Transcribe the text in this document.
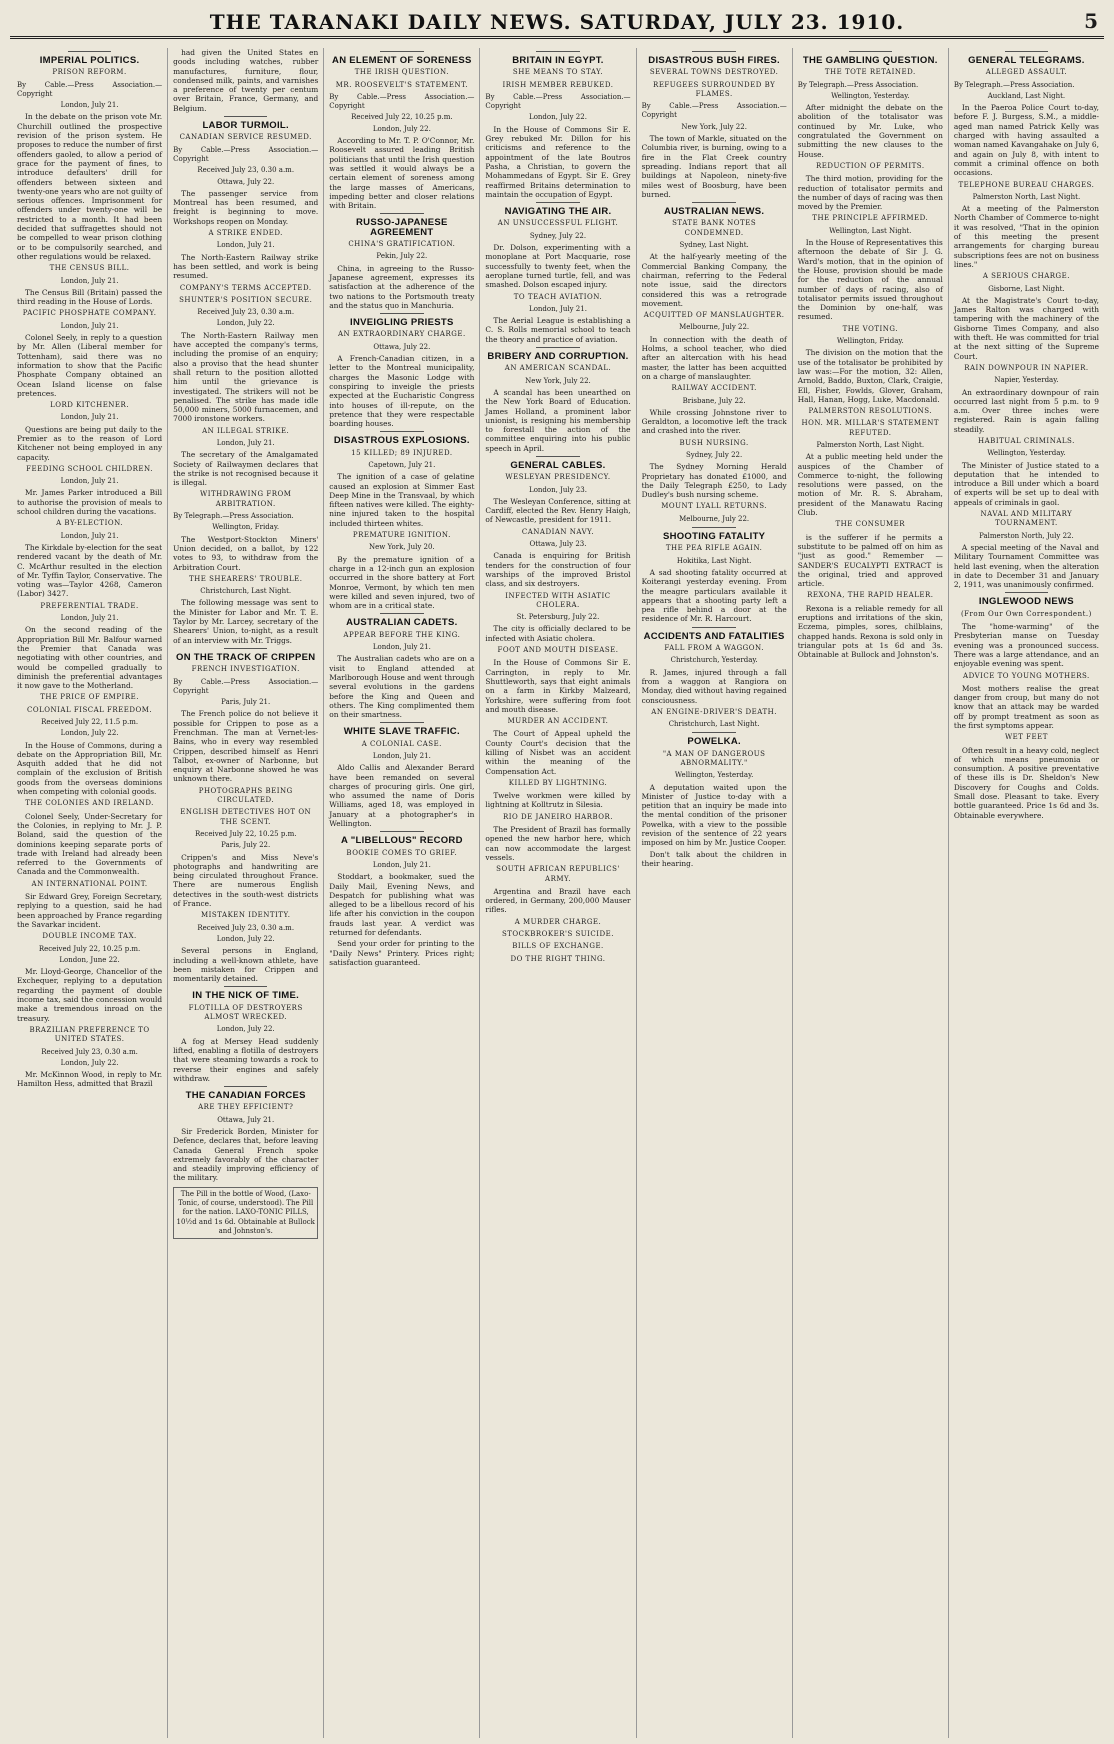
THE TARANAKI DAILY NEWS. SATURDAY, JULY 23. 1910.	5
IMPERIAL POLITICS.
PRISON REFORM.
By Cable.—Press Association.—Copyright
London, July 21.

In the debate on the prison vote Mr. Churchill outlined the prospective revision of the prison system. He proposes to reduce the number of first offenders gaoled, to allow a period of grace for the payment of fines, to introduce defaulters' drill for offenders between sixteen and twenty-one years who are not guilty of serious offences. Imprisonment for offenders under twenty-one will be restricted to a month. It had been decided that suffragettes should not be compelled to wear prison clothing or to be compulsorily searched, and other regulations would be relaxed.

THE CENSUS BILL.
London, July 21.

The Census Bill (Britain) passed the third reading in the House of Lords.

PACIFIC PHOSPHATE COMPANY.
London, July 21.

Colonel Seely, in reply to a question by Mr. Allen (Liberal member for Tottenham), said there was no information to show that the Pacific Phosphate Company obtained an Ocean Island license on false pretences.

LORD KITCHENER.
London, July 21.

Questions are being put daily to the Premier as to the reason of Lord Kitchener not being employed in any capacity.

FEEDING SCHOOL CHILDREN.
London, July 21.

Mr. James Parker introduced a Bill to authorise the provision of meals to school children during the vacations.

A BY-ELECTION.
London, July 21.

The Kirkdale by-election for the seat rendered vacant by the death of Mr. C. McArthur resulted in the election of Mr. Tyffin Taylor, Conservative. The voting was—Taylor 4268, Cameron (Labor) 3427.

PREFERENTIAL TRADE.
London, July 21.

On the second reading of the Appropriation Bill Mr. Balfour warned the Premier that Canada was negotiating with other countries, and would be compelled gradually to diminish the preferential advantages it now gave to the Motherland.

THE PRICE OF EMPIRE.
COLONIAL FISCAL FREEDOM.
Received July 22, 11.5 p.m.
London, July 22.

In the House of Commons, during a debate on the Appropriation Bill, Mr. Asquith added that he did not complain of the exclusion of British goods from the overseas dominions when competing with colonial goods.

THE COLONIES AND IRELAND.

Colonel Seely, Under-Secretary for the Colonies, in replying to Mr. J. P. Boland, said the question of the dominions keeping separate ports of trade with Ireland had already been referred to the Governments of Canada and the Commonwealth.

AN INTERNATIONAL POINT.

Sir Edward Grey, Foreign Secretary, replying to a question, said he had been approached by France regarding the Savarkar incident.

DOUBLE INCOME TAX.
Received July 22, 10.25 p.m.
London, June 22.

Mr. Lloyd-George, Chancellor of the Exchequer, replying to a deputation regarding the payment of double income tax, said the concession would make a tremendous inroad on the treasury.

BRAZILIAN PREFERENCE TO UNITED STATES.
Received July 23, 0.30 a.m.
London, July 22.

Mr. McKinnon Wood, in reply to Mr. Hamilton Hess, admitted that Brazil

had given the United States en goods including watches, rubber manufactures, furniture, flour, condensed milk, paints, and varnishes a preference of twenty per centum over Britain, France, Germany, and Belgium.

LABOR TURMOIL.
CANADIAN SERVICE RESUMED.
By Cable.—Press Association.—Copyright
Received July 23, 0.30 a.m.
Ottawa, July 22.

The passenger service from Montreal has been resumed, and freight is beginning to move. Workshops reopen on Monday.

A STRIKE ENDED.
London, July 21.

The North-Eastern Railway strike has been settled, and work is being resumed.

COMPANY'S TERMS ACCEPTED.
SHUNTER'S POSITION SECURE.
Received July 23, 0.30 a.m.
London, July 22.

The North-Eastern Railway men have accepted the company's terms, including the promise of an enquiry; also a proviso that the head shunter shall return to the position allotted him until the grievance is investigated. The strikers will not be penalised. The strike has made idle 50,000 miners, 5000 furnacemen, and 7000 ironstone workers.

AN ILLEGAL STRIKE.
London, July 21.

The secretary of the Amalgamated Society of Railwaymen declares that the strike is not recognised because it is illegal.

WITHDRAWING FROM ARBITRATION.
By Telegraph.—Press Association.
Wellington, Friday.

The Westport-Stockton Miners' Union decided, on a ballot, by 122 votes to 93, to withdraw from the Arbitration Court.

THE SHEARERS' TROUBLE.
Christchurch, Last Night.

The following message was sent to the Minister for Labor and Mr. T. E. Taylor by Mr. Larcey, secretary of the Shearers' Union, to-night, as a result of an interview with Mr. Triggs.

ON THE TRACK OF CRIPPEN
FRENCH INVESTIGATION.
By Cable.—Press Association.—Copyright
Paris, July 21.

The French police do not believe it possible for Crippen to pose as a Frenchman. The man at Vernet-les-Bains, who in every way resembled Crippen, described himself as Henri Talbot, ex-owner of Narbonne, but enquiry at Narbonne showed he was unknown there.

PHOTOGRAPHS BEING CIRCULATED.
ENGLISH DETECTIVES HOT ON THE SCENT.
Received July 22, 10.25 p.m.
Paris, July 22.

Crippen's and Miss Neve's photographs and handwriting are being circulated throughout France. There are numerous English detectives in the south-west districts of France.

MISTAKEN IDENTITY.
Received July 23, 0.30 a.m.
London, July 22.

Several persons in England, including a well-known athlete, have been mistaken for Crippen and momentarily detained.

IN THE NICK OF TIME.
FLOTILLA OF DESTROYERS ALMOST WRECKED.
London, July 22.

A fog at Mersey Head suddenly lifted, enabling a flotilla of destroyers that were steaming towards a rock to reverse their engines and safely withdraw.

THE CANADIAN FORCES
ARE THEY EFFICIENT?
Ottawa, July 21.

Sir Frederick Borden, Minister for Defence, declares that, before leaving Canada General French spoke extremely favorably of the character and steadily improving efficiency of the military.

The Pill in the bottle of Wood, (Laxo-Tonic, of course, understood). The Pill for the nation. LAXO-TONIC PILLS, 10½d and 1s 6d. Obtainable at Bullock and Johnston's.
AN ELEMENT OF SORENESS
THE IRISH QUESTION.
MR. ROOSEVELT'S STATEMENT.
By Cable.—Press Association.—Copyright
Received July 22, 10.25 p.m.
London, July 22.

According to Mr. T. P. O'Connor, Mr. Roosevelt assured leading British politicians that until the Irish question was settled it would always be a certain element of soreness among the large masses of Americans, impeding better and closer relations with Britain.

RUSSO-JAPANESE AGREEMENT
CHINA'S GRATIFICATION.
Pekin, July 22.

China, in agreeing to the Russo-Japanese agreement, expresses its satisfaction at the adherence of the two nations to the Portsmouth treaty and the status quo in Manchuria.

INVEIGLING PRIESTS
AN EXTRAORDINARY CHARGE.
Ottawa, July 22.

A French-Canadian citizen, in a letter to the Montreal municipality, charges the Masonic Lodge with conspiring to inveigle the priests expected at the Eucharistic Congress into houses of ill-repute, on the pretence that they were respectable boarding houses.

DISASTROUS EXPLOSIONS.
15 KILLED; 89 INJURED.
Capetown, July 21.

The ignition of a case of gelatine caused an explosion at Simmer East Deep Mine in the Transvaal, by which fifteen natives were killed. The eighty-nine injured taken to the hospital included thirteen whites.

PREMATURE IGNITION.
New York, July 20.

By the premature ignition of a charge in a 12-inch gun an explosion occurred in the shore battery at Fort Monroe, Vermont, by which ten men were killed and seven injured, two of whom are in a critical state.

AUSTRALIAN CADETS.
APPEAR BEFORE THE KING.
London, July 21.

The Australian cadets who are on a visit to England attended at Marlborough House and went through several evolutions in the gardens before the King and Queen and others. The King complimented them on their smartness.

WHITE SLAVE TRAFFIC.
A COLONIAL CASE.
London, July 21.

Aldo Callis and Alexander Berard have been remanded on several charges of procuring girls. One girl, who assumed the name of Doris Williams, aged 18, was employed in January at a photographer's in Wellington.

A "LIBELLOUS" RECORD
BOOKIE COMES TO GRIEF.
London, July 21.

Stoddart, a bookmaker, sued the Daily Mail, Evening News, and Despatch for publishing what was alleged to be a libellous record of his life after his conviction in the coupon frauds last year. A verdict was returned for defendants.

Send your order for printing to the "Daily News" Printery. Prices right; satisfaction guaranteed.

BRITAIN IN EGYPT.
SHE MEANS TO STAY.
IRISH MEMBER REBUKED.
By Cable.—Press Association.—Copyright
London, July 22.

In the House of Commons Sir E. Grey rebuked Mr. Dillon for his criticisms and reference to the appointment of the late Boutros Pasha, a Christian, to govern the Mohammedans of Egypt. Sir E. Grey reaffirmed Britains determination to maintain the occupation of Egypt.

NAVIGATING THE AIR.
AN UNSUCCESSFUL FLIGHT.
Sydney, July 22.

Dr. Dolson, experimenting with a monoplane at Port Macquarie, rose successfully to twenty feet, when the aeroplane turned turtle, fell, and was smashed. Dolson escaped injury.

TO TEACH AVIATION.
London, July 21.

The Aerial League is establishing a C. S. Rolls memorial school to teach the theory and practice of aviation.

BRIBERY AND CORRUPTION.
AN AMERICAN SCANDAL.
New York, July 22.

A scandal has been unearthed on the New York Board of Education. James Holland, a prominent labor unionist, is resigning his membership to forestall the action of the committee enquiring into his public speech in April.

GENERAL CABLES.
WESLEYAN PRESIDENCY.
London, July 23.

The Wesleyan Conference, sitting at Cardiff, elected the Rev. Henry Haigh, of Newcastle, president for 1911.

CANADIAN NAVY.
Ottawa, July 23.

Canada is enquiring for British tenders for the construction of four warships of the improved Bristol class, and six destroyers.

INFECTED WITH ASIATIC CHOLERA.
St. Petersburg, July 22.

The city is officially declared to be infected with Asiatic cholera.

FOOT AND MOUTH DISEASE.

In the House of Commons Sir E. Carrington, in reply to Mr. Shuttleworth, says that eight animals on a farm in Kirkby Malzeard, Yorkshire, were suffering from foot and mouth disease.

MURDER AN ACCIDENT.

The Court of Appeal upheld the County Court's decision that the killing of Nisbet was an accident within the meaning of the Compensation Act.

KILLED BY LIGHTNING.

Twelve workmen were killed by lightning at Kolltrutz in Silesia.

RIO DE JANEIRO HARBOR.

The President of Brazil has formally opened the new harbor here, which can now accommodate the largest vessels.

SOUTH AFRICAN REPUBLICS' ARMY.

Argentina and Brazil have each ordered, in Germany, 200,000 Mauser rifles.

A MURDER CHARGE.
STOCKBROKER'S SUICIDE.
BILLS OF EXCHANGE.
DO THE RIGHT THING.
DISASTROUS BUSH FIRES.
SEVERAL TOWNS DESTROYED.
REFUGEES SURROUNDED BY FLAMES.
By Cable.—Press Association.—Copyright
New York, July 22.

The town of Markle, situated on the Columbia river, is burning, owing to a fire in the Flat Creek country spreading. Indians report that all buildings at Napoleon, ninety-five miles west of Boosburg, have been burned.

AUSTRALIAN NEWS.
STATE BANK NOTES CONDEMNED.
Sydney, Last Night.

At the half-yearly meeting of the Commercial Banking Company, the chairman, referring to the Federal note issue, said the directors considered this was a retrograde movement.

ACQUITTED OF MANSLAUGHTER.
Melbourne, July 22.

In connection with the death of Holms, a school teacher, who died after an altercation with his head master, the latter has been acquitted on a charge of manslaughter.

RAILWAY ACCIDENT.
Brisbane, July 22.

While crossing Johnstone river to Geraldton, a locomotive left the track and crashed into the river.

BUSH NURSING.
Sydney, July 22.

The Sydney Morning Herald Proprietary has donated £1000, and the Daily Telegraph £250, to Lady Dudley's bush nursing scheme.

MOUNT LYALL RETURNS.
Melbourne, July 22.
SHOOTING FATALITY
THE PEA RIFLE AGAIN.
Hokitika, Last Night.

A sad shooting fatality occurred at Koiterangi yesterday evening. From the meagre particulars available it appears that a shooting party left a pea rifle behind a door at the residence of Mr. R. Harcourt.

ACCIDENTS AND FATALITIES
FALL FROM A WAGGON.
Christchurch, Yesterday.

R. James, injured through a fall from a waggon at Rangiora on Monday, died without having regained consciousness.

AN ENGINE-DRIVER'S DEATH.
Christchurch, Last Night.
POWELKA.
"A MAN OF DANGEROUS ABNORMALITY."
Wellington, Yesterday.

A deputation waited upon the Minister of Justice to-day with a petition that an inquiry be made into the mental condition of the prisoner Powelka, with a view to the possible revision of the sentence of 22 years imposed on him by Mr. Justice Cooper.

Don't talk about the children in their hearing.

THE GAMBLING QUESTION.
THE TOTE RETAINED.
By Telegraph.—Press Association.
Wellington, Yesterday.

After midnight the debate on the abolition of the totalisator was continued by Mr. Luke, who congratulated the Government on submitting the new clauses to the House.

REDUCTION OF PERMITS.

The third motion, providing for the reduction of totalisator permits and the number of days of racing was then moved by the Premier.

THE PRINCIPLE AFFIRMED.
Wellington, Last Night.

In the House of Representatives this afternoon the debate of Sir J. G. Ward's motion, that in the opinion of the House, provision should be made for the reduction of the annual number of days of racing, also of totalisator permits issued throughout the Dominion by one-half, was resumed.

THE VOTING.
Wellington, Friday.

The division on the motion that the use of the totalisator be prohibited by law was:—For the motion, 32: Allen, Arnold, Baddo, Buxton, Clark, Craigie, Ell, Fisher, Fowlds, Glover, Graham, Hall, Hanan, Hogg, Luke, Macdonald.

PALMERSTON RESOLUTIONS.
HON. MR. MILLAR'S STATEMENT REFUTED.
Palmerston North, Last Night.

At a public meeting held under the auspices of the Chamber of Commerce to-night, the following resolutions were passed, on the motion of Mr. R. S. Abraham, president of the Manawatu Racing Club.

THE CONSUMER

is the sufferer if he permits a substitute to be palmed off on him as "just as good." Remember — SANDER'S EUCALYPTI EXTRACT is the original, tried and approved article.

REXONA, THE RAPID HEALER.

Rexona is a reliable remedy for all eruptions and irritations of the skin, Eczema, pimples, sores, chilblains, chapped hands. Rexona is sold only in triangular pots at 1s 6d and 3s. Obtainable at Bullock and Johnston's.

GENERAL TELEGRAMS.
ALLEGED ASSAULT.
By Telegraph.—Press Association.
Auckland, Last Night.

In the Paeroa Police Court to-day, before F. J. Burgess, S.M., a middle-aged man named Patrick Kelly was charged with having assaulted a woman named Kavangahake on July 6, and again on July 8, with intent to commit a criminal offence on both occasions.

TELEPHONE BUREAU CHARGES.
Palmerston North, Last Night.

At a meeting of the Palmerston North Chamber of Commerce to-night it was resolved, "That in the opinion of this meeting the present arrangements for charging bureau subscriptions fees are not on business lines."

A SERIOUS CHARGE.
Gisborne, Last Night.

At the Magistrate's Court to-day, James Ralton was charged with tampering with the machinery of the Gisborne Times Company, and also with theft. He was committed for trial at the next sitting of the Supreme Court.

RAIN DOWNPOUR IN NAPIER.
Napier, Yesterday.

An extraordinary downpour of rain occurred last night from 5 p.m. to 9 a.m. Over three inches were registered. Rain is again falling steadily.

HABITUAL CRIMINALS.
Wellington, Yesterday.

The Minister of Justice stated to a deputation that he intended to introduce a Bill under which a board of experts will be set up to deal with appeals of criminals in gaol.

NAVAL AND MILITARY TOURNAMENT.
Palmerston North, July 22.

A special meeting of the Naval and Military Tournament Committee was held last evening, when the alteration in date to December 31 and January 2, 1911, was unanimously confirmed.

INGLEWOOD NEWS
(From Our Own Correspondent.)

The "home-warming" of the Presbyterian manse on Tuesday evening was a pronounced success. There was a large attendance, and an enjoyable evening was spent.

ADVICE TO YOUNG MOTHERS.

Most mothers realise the great danger from croup, but many do not know that an attack may be warded off by prompt treatment as soon as the first symptoms appear.

WET FEET

Often result in a heavy cold, neglect of which means pneumonia or consumption. A positive preventative of these ills is Dr. Sheldon's New Discovery for Coughs and Colds. Small dose. Pleasant to take. Every bottle guaranteed. Price 1s 6d and 3s. Obtainable everywhere.
